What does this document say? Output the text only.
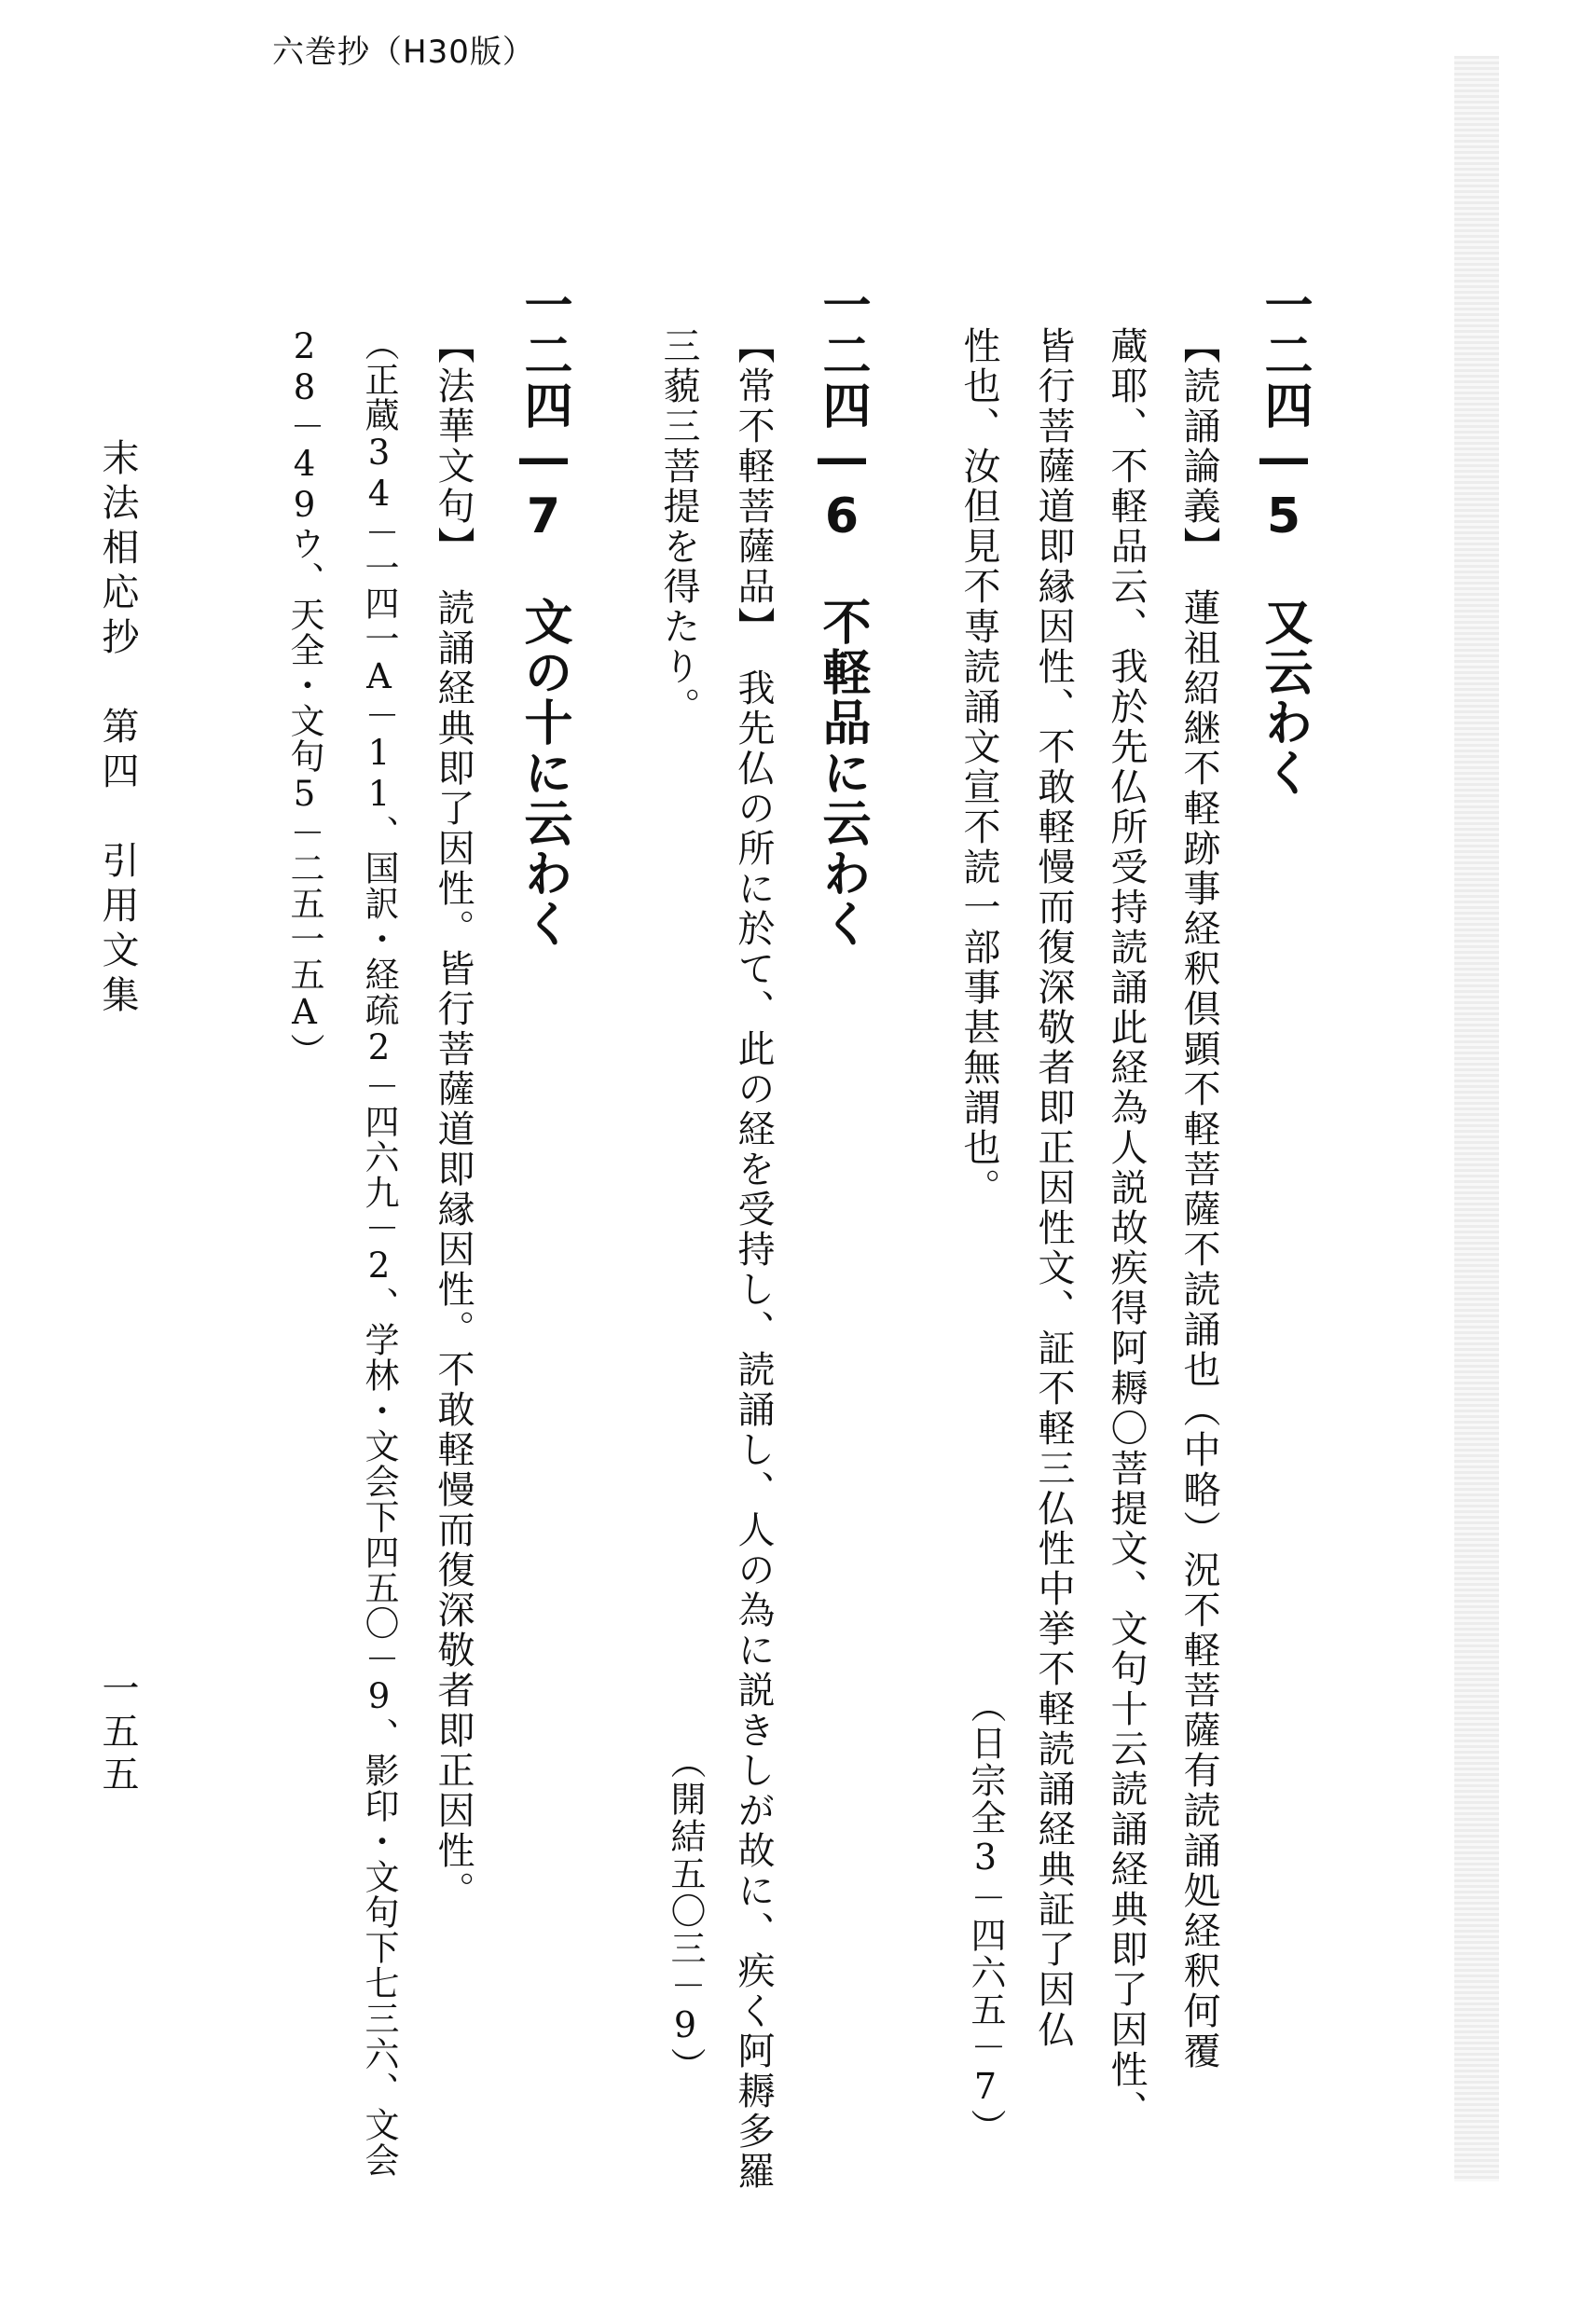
六巻抄（H30版）
一二四―5　又云わく
【読誦論義】　蓮祖紹継不軽跡事経釈倶顕不軽菩薩不読誦也（中略）況不軽菩薩有読誦処経釈何覆
蔵耶、不軽品云、我於先仏所受持読誦此経為人説故疾得阿耨〇菩提文、文句十云読誦経典即了因性、
皆行菩薩道即縁因性、不敢軽慢而復深敬者即正因性文、証不軽三仏性中挙不軽読誦経典証了因仏
性也、汝但見不専読誦文宣不読一部事甚無謂也。
（日宗全3－四六五－7）
一二四―6　不軽品に云わく
【常不軽菩薩品】　我先仏の所に於て、此の経を受持し、読誦し、人の為に説きしが故に、疾く阿耨多羅
三藐三菩提を得たり。
（開結五〇三－9）
一二四―7　文の十に云わく
【法華文句】　読誦経典即了因性。皆行菩薩道即縁因性。不敢軽慢而復深敬者即正因性。
（正蔵34－一四一A－11、国訳・経疏2－四六九－2、学林・文会下四五〇－9、影印・文句下七三六、文会
28－49ウ、天全・文句5－二五一五A）
末法相応抄　第四　引用文集
一五五
